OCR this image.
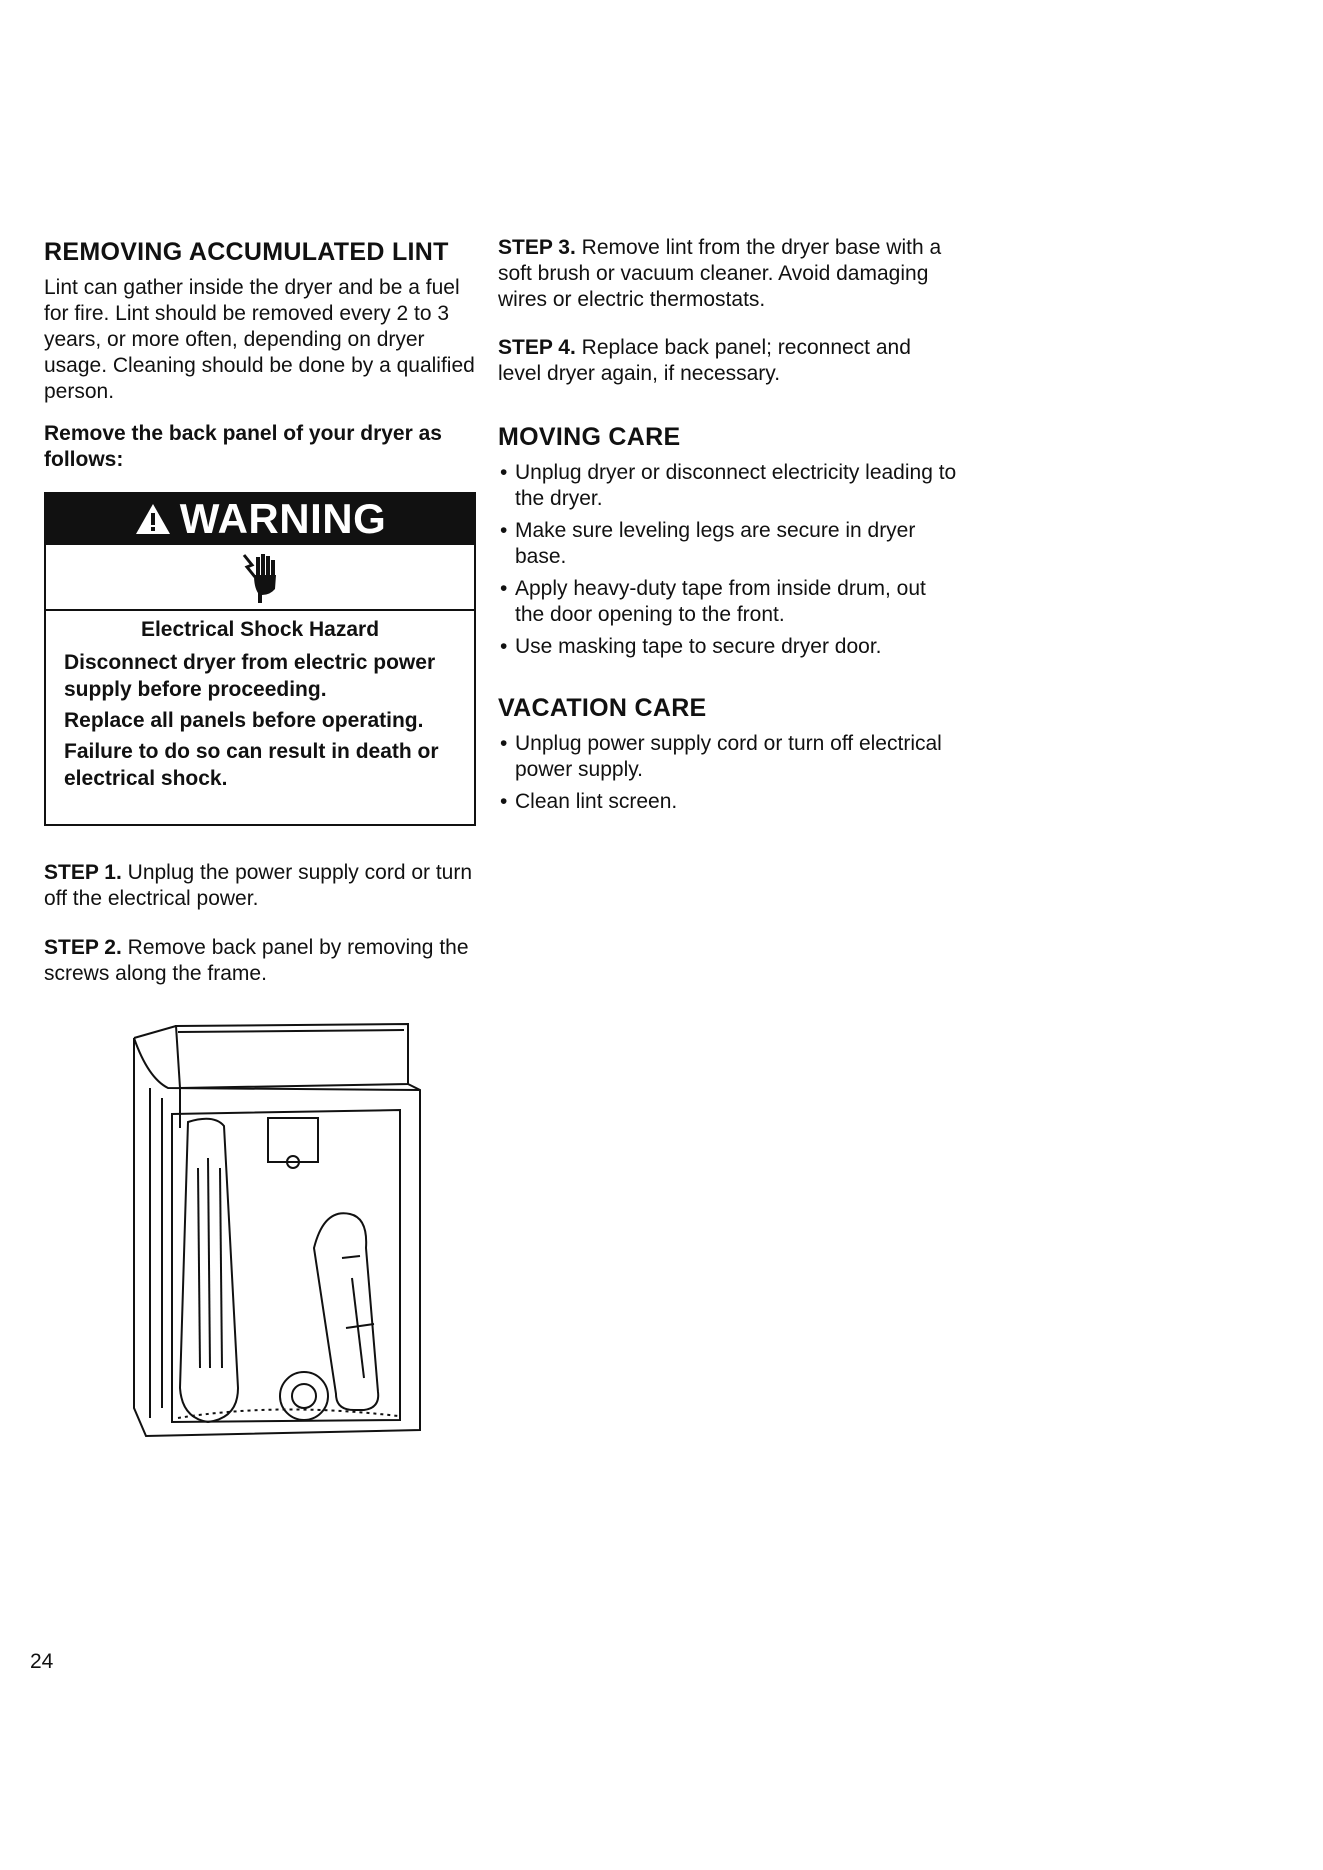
REMOVING ACCUMULATED LINT

Lint can gather inside the dryer and be a fuel for fire. Lint should be removed every 2 to 3 years, or more often, depending on dryer usage. Cleaning should be done by a qualified person.

Remove the back panel of your dryer as follows:

WARNING
Electrical Shock Hazard
Disconnect dryer from electric power supply before proceeding.
Replace all panels before operating.
Failure to do so can result in death or electrical shock.

STEP 1. Unplug the power supply cord or turn off the electrical power.

STEP 2. Remove back panel by removing the screws along the frame.

STEP 3. Remove lint from the dryer base with a soft brush or vacuum cleaner. Avoid damaging wires or electric thermostats.

STEP 4. Replace back panel; reconnect and level dryer again, if necessary.

MOVING CARE
• Unplug dryer or disconnect electricity leading to the dryer.
• Make sure leveling legs are secure in dryer base.
• Apply heavy-duty tape from inside drum, out the door opening to the front.
• Use masking tape to secure dryer door.
VACATION CARE
• Unplug power supply cord or turn off electrical power supply.
• Clean lint screen.
24
